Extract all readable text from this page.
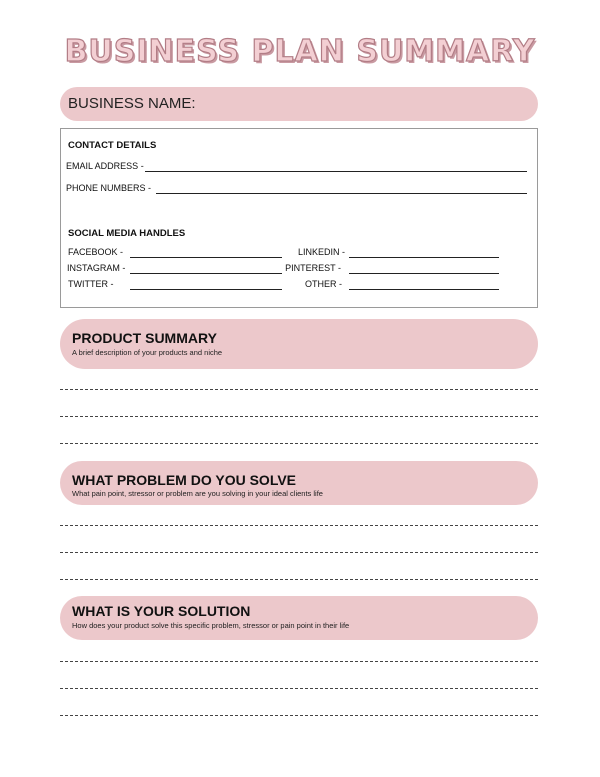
BUSINESS PLAN SUMMARY
BUSINESS NAME:
CONTACT DETAILS
EMAIL ADDRESS -
PHONE NUMBERS -
SOCIAL MEDIA HANDLES
FACEBOOK -
INSTAGRAM -
TWITTER -
LINKEDIN -
PINTEREST -
OTHER -
PRODUCT SUMMARY
A brief description of your products and niche
WHAT PROBLEM DO YOU SOLVE
What pain point, stressor or problem are you solving in your ideal clients life
WHAT IS YOUR SOLUTION
How does your product solve this specific problem, stressor or pain point in their life
